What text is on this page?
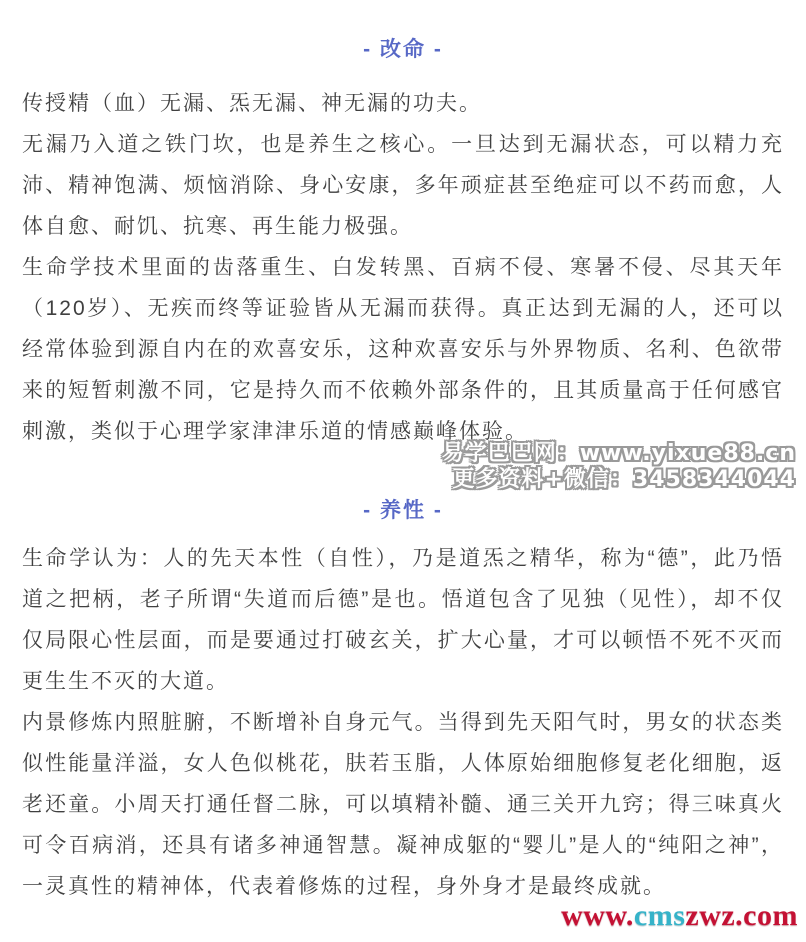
- 改命 -

传授精（血）无漏、炁无漏、神无漏的功夫。

无漏乃入道之铁门坎，也是养生之核心。一旦达到无漏状态，可以精力充沛、精神饱满、烦恼消除、身心安康，多年顽症甚至绝症可以不药而愈，人体自愈、耐饥、抗寒、再生能力极强。

生命学技术里面的齿落重生、白发转黑、百病不侵、寒暑不侵、尽其天年（120岁）、无疾而终等证验皆从无漏而获得。真正达到无漏的人，还可以经常体验到源自内在的欢喜安乐，这种欢喜安乐与外界物质、名利、色欲带来的短暂刺激不同，它是持久而不依赖外部条件的，且其质量高于任何感官刺激，类似于心理学家津津乐道的情感巅峰体验。

易学巴巴网：www.yixue88.cn
更多资料+微信：3458344044
- 养性 -

生命学认为：人的先天本性（自性），乃是道炁之精华，称为“德”，此乃悟道之把柄，老子所谓“失道而后德”是也。悟道包含了见独（见性），却不仅仅局限心性层面，而是要通过打破玄关，扩大心量，才可以顿悟不死不灭而更生生不灭的大道。

内景修炼内照脏腑，不断增补自身元气。当得到先天阳气时，男女的状态类似性能量洋溢，女人色似桃花，肤若玉脂，人体原始细胞修复老化细胞，返老还童。小周天打通任督二脉，可以填精补髓、通三关开九窍；得三味真火可令百病消，还具有诸多神通智慧。凝神成躯的“婴儿”是人的“纯阳之神”，一灵真性的精神体，代表着修炼的过程，身外身才是最终成就。

www.cmszwz.com
